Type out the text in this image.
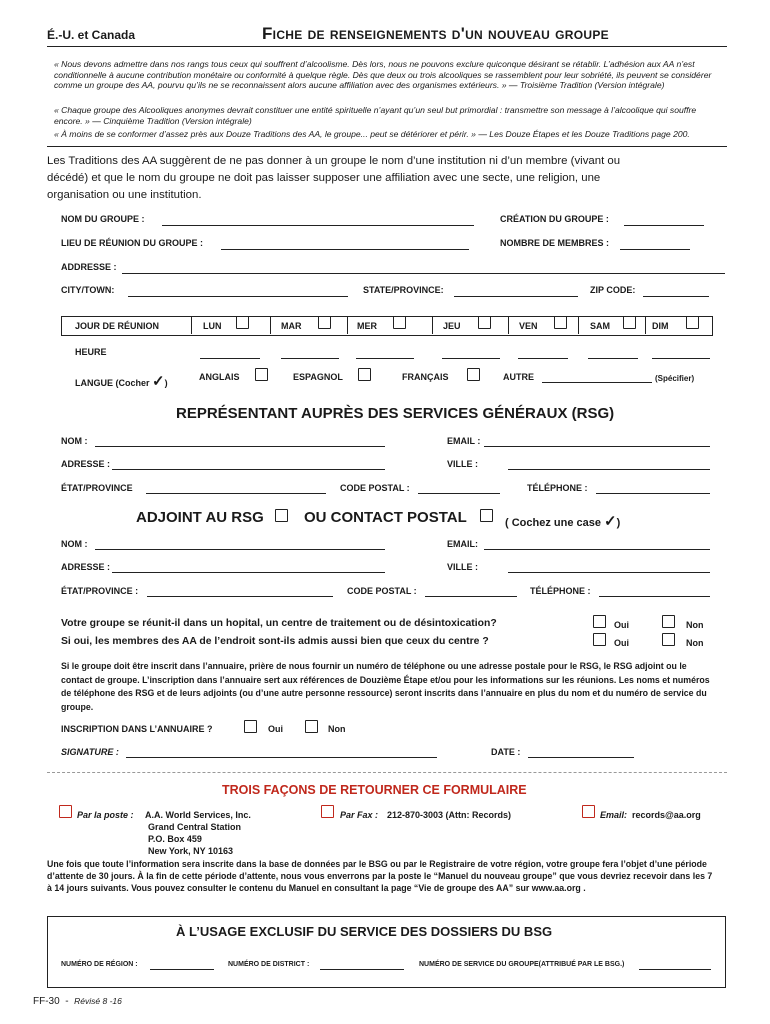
É.-U. et Canada	Fiche de renseignements d'un nouveau groupe
« Nous devons admettre dans nos rangs tous ceux qui souffrent d’alcoolisme. Dès lors, nous ne pouvons exclure quiconque désirant se rétablir. L’adhésion aux AA n’est conditionnelle à aucune contribution monétaire ou conformité à quelque règle. Dès que deux ou trois alcooliques se rassemblent pour leur sobriété, ils peuvent se considérer comme un groupe des AA, pourvu qu’ils ne se reconnaissent alors aucune affiliation avec des organismes extérieurs. » — Troisième Tradition (Version intégrale)
« Chaque groupe des Alcooliques anonymes devrait constituer une entité spirituelle n’ayant qu’un seul but primordial : transmettre son message à l’alcoolique qui souffre encore. » — Cinquième Tradition (Version intégrale)
« À moins de se conformer d’assez près aux Douze Traditions des AA, le groupe... peut se détériorer et périr. » — Les Douze Étapes et les Douze Traditions page 200.
Les Traditions des AA suggèrent de ne pas donner à un groupe le nom d’une institution ni d’un membre (vivant ou décédé) et que le nom du groupe ne doit pas laisser supposer une affiliation avec une secte, une religion, une organisation ou une institution.
NOM DU GROUPE :	CRÉATION DU GROUPE :
LIEU DE RÉUNION DU GROUPE :	NOMBRE DE MEMBRES :
ADDRESSE :
CITY/TOWN:	STATE/PROVINCE:	ZIP CODE:
JOUR DE RÉUNION	LUN	MAR	MER	JEU	VEN	SAM	DIM
HEURE
LANGUE (Cocher ✓)
ANGLAIS	ESPAGNOL	FRANÇAIS	AUTRE	(Spécifier)
REPRÉSENTANT AUPRÈS DES SERVICES GÉNÉRAUX (RSG)
NOM :	EMAIL :
ADRESSE :	VILLE :
ÉTAT/PROVINCE	CODE POSTAL :	TÉLÉPHONE :
ADJOINT AU RSG	OU CONTACT POSTAL	( Cochez une case ✓)
NOM :	EMAIL:
ADRESSE :	VILLE :
ÉTAT/PROVINCE :	CODE POSTAL :	TÉLÉPHONE :
Votre groupe se réunit-il dans un hopital, un centre de traitement ou de désintoxication?	Oui	Non
Si oui, les membres des AA de l’endroit sont-ils admis aussi bien que ceux du centre ?	Oui	Non
Si le groupe doit être inscrit dans l’annuaire, prière de nous fournir un numéro de téléphone ou une adresse postale pour le RSG, le RSG adjoint ou le contact de groupe. L’inscription dans l’annuaire sert aux références de Douzième Étape et/ou pour les informations sur les réunions. Les noms et numéros de téléphone des RSG et de leurs adjoints (ou d’une autre personne ressource) seront inscrits dans l’annuaire en plus du nom et du numéro de service du groupe.
INSCRIPTION DANS L’ANNUAIRE ?	Oui	Non
SIGNATURE :	DATE :
TROIS FAÇONS DE RETOURNER CE FORMULAIRE
Par la poste : A.A. World Services, Inc.
Grand Central Station
P.O. Box 459
New York, NY 10163
Par Fax : 212-870-3003 (Attn: Records)	Email: records@aa.org
Une fois que toute l’information sera inscrite dans la base de données par le BSG ou par le Registraire de votre région, votre groupe fera l’objet d’une période d’attente de 30 jours. À la fin de cette période d’attente, nous vous enverrons par la poste le “Manuel du nouveau groupe” que vous devriez recevoir dans les 7 à 14 jours suivants. Vous pouvez consulter le contenu du Manuel en consultant la page “Vie de groupe des AA” sur www.aa.org .
À L’USAGE EXCLUSIF DU SERVICE DES DOSSIERS DU BSG
NUMÉRO DE RÉGION :	NUMÉRO DE DISTRICT :	NUMÉRO DE SERVICE DU GROUPE(ATTRIBUÉ PAR LE BSG.)
FF-30 - Révisé 8 -16
